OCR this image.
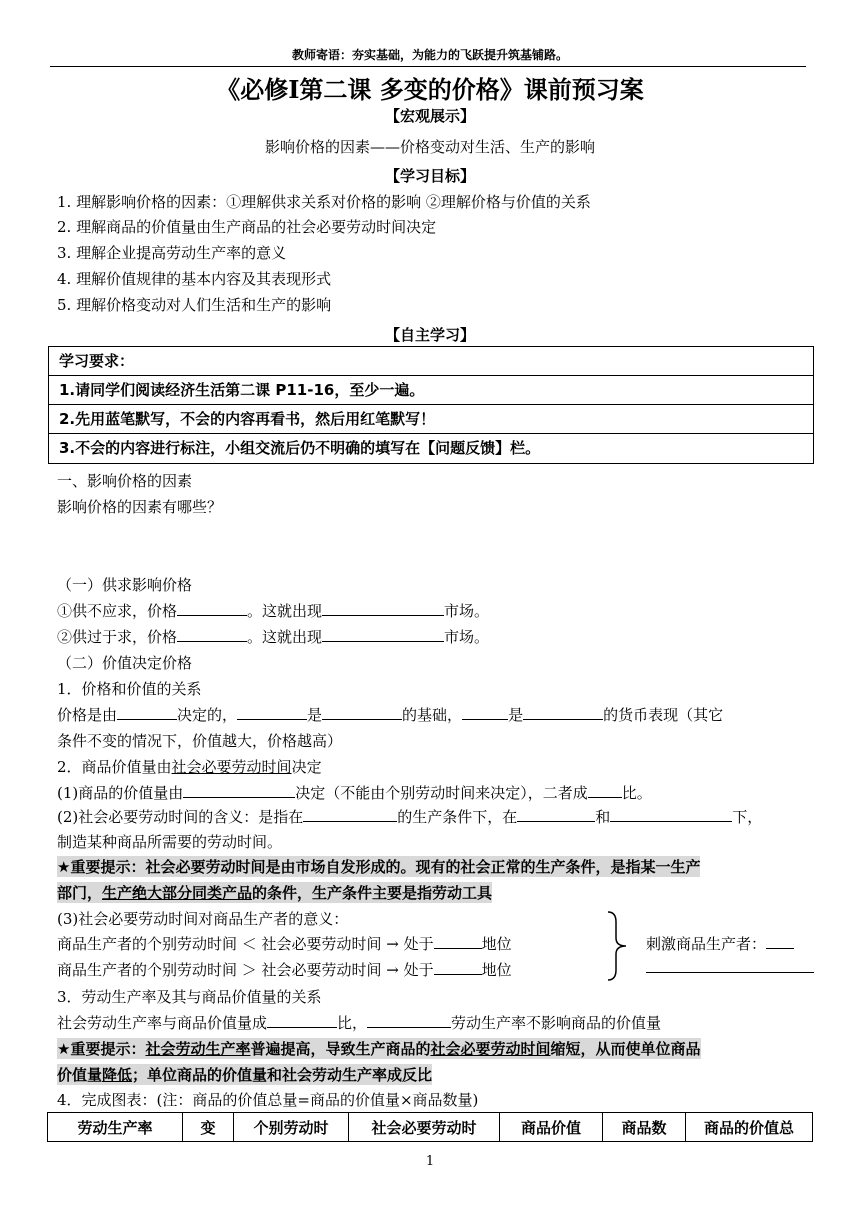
教师寄语：夯实基础，为能力的飞跃提升筑基铺路。
《必修Ⅰ第二课 多变的价格》课前预习案
【宏观展示】
影响价格的因素——价格变动对生活、生产的影响
【学习目标】
1. 理解影响价格的因素：①理解供求关系对价格的影响 ②理解价格与价值的关系
2. 理解商品的价值量由生产商品的社会必要劳动时间决定
3. 理解企业提高劳动生产率的意义
4. 理解价值规律的基本内容及其表现形式
5. 理解价格变动对人们生活和生产的影响
【自主学习】
学习要求：
1.请同学们阅读经济生活第二课 P11-16，至少一遍。
2.先用蓝笔默写，不会的内容再看书，然后用红笔默写！
3.不会的内容进行标注，小组交流后仍不明确的填写在【问题反馈】栏。
一、影响价格的因素
影响价格的因素有哪些？
（一）供求影响价格
①供不应求，价格	。这就出现	市场。
②供过于求，价格	。这就出现	市场。
（二）价值决定价格
1．价格和价值的关系
价格是由	决定的，	是	的基础，	是	的货币表现（其它
条件不变的情况下，价值越大，价格越高）
2．商品价值量由社会必要劳动时间决定
(1)商品的价值量由	决定（不能由个别劳动时间来决定），二者成 比。
(2)社会必要劳动时间的含义：是指在	的生产条件下，在	和	下，
制造某种商品所需要的劳动时间。
★重要提示：社会必要劳动时间是由市场自发形成的。现有的社会正常的生产条件，是指某一生产
部门，生产绝大部分同类产品的条件，生产条件主要是指劳动工具
(3)社会必要劳动时间对商品生产者的意义：
商品生产者的个别劳动时间 ＜ 社会必要劳动时间 → 处于	地位
商品生产者的个别劳动时间 ＞ 社会必要劳动时间 → 处于	地位
刺激商品生产者：
3．劳动生产率及其与商品价值量的关系
社会劳动生产率与商品价值量成	比，	劳动生产率不影响商品的价值量
★重要提示：社会劳动生产率普遍提高，导致生产商品的社会必要劳动时间缩短，从而使单位商品
价值量降低；单位商品的价值量和社会劳动生产率成反比
4．完成图表：(注：商品的价值总量=商品的价值量×商品数量)
劳动生产率	变	个别劳动时	社会必要劳动时	商品价值	商品数	商品的价值总
1
